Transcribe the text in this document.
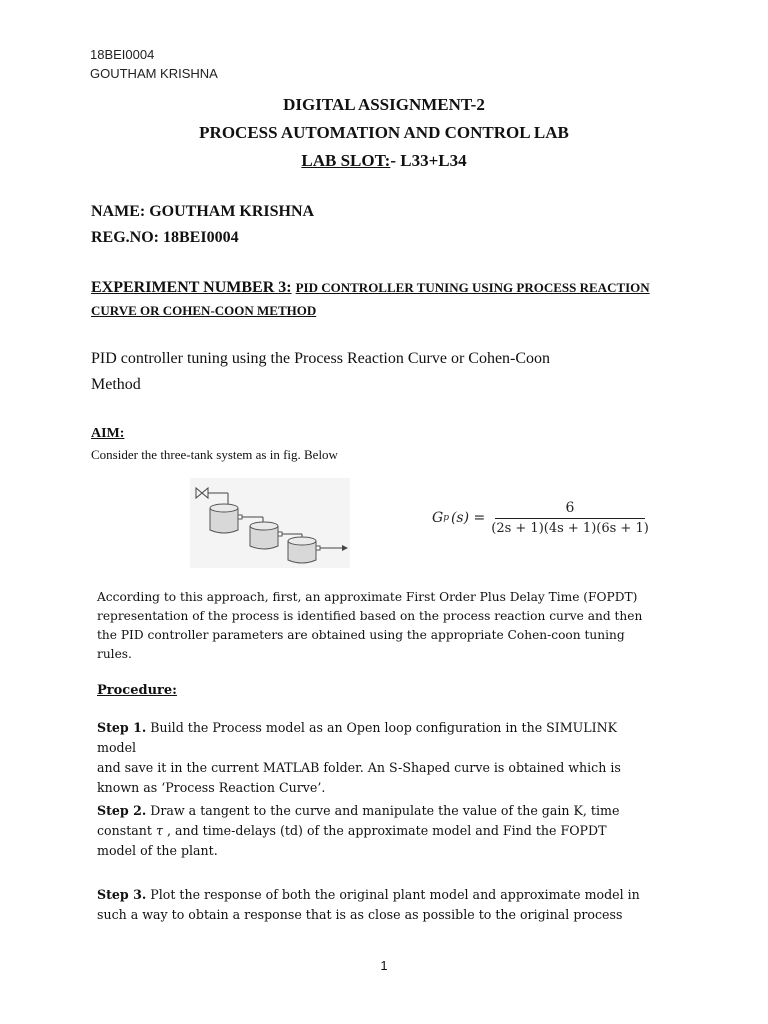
18BEI0004
GOUTHAM KRISHNA
DIGITAL ASSIGNMENT-2
PROCESS AUTOMATION AND CONTROL LAB
LAB SLOT:- L33+L34
NAME: GOUTHAM KRISHNA
REG.NO: 18BEI0004
EXPERIMENT NUMBER 3: PID CONTROLLER TUNING USING PROCESS REACTION
CURVE OR COHEN-COON METHOD
PID controller tuning using the Process Reaction Curve or Cohen-Coon
Method
AIM:
Consider the three-tank system as in fig. Below
G p $(s) = \frac{6}{(2s + 1)(4s + 1)(6s + 1)}$
According to this approach, first, an approximate First Order Plus Delay Time (FOPDT)
representation of the process is identified based on the process reaction curve and then
the PID controller parameters are obtained using the appropriate Cohen-coon tuning
rules.
Procedure:
Step 1. Build the Process model as an Open loop configuration in the SIMULINK model
and save it in the current MATLAB folder. An S-Shaped curve is obtained which is
known as ‘Process Reaction Curve’.
Step 2. Draw a tangent to the curve and manipulate the value of the gain K, time
constant τ , and time-delays (td) of the approximate model and Find the FOPDT
model of the plant.
Step 3. Plot the response of both the original plant model and approximate model in
such a way to obtain a response that is as close as possible to the original process
1
